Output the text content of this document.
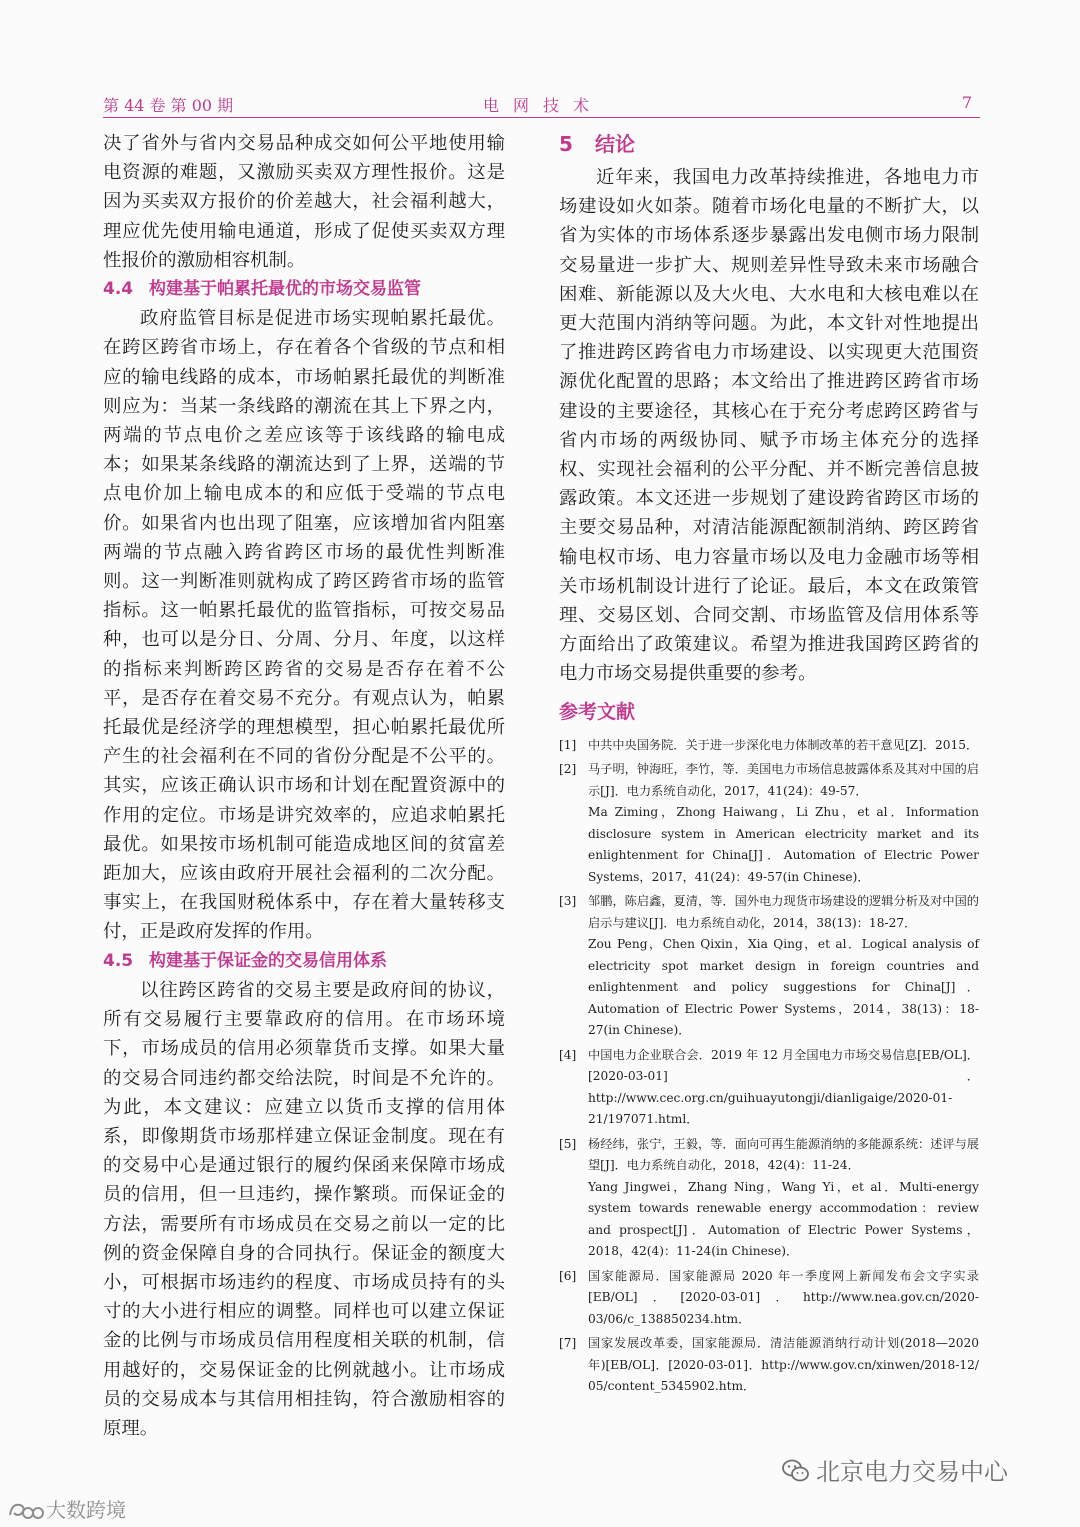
第 44 卷 第 00 期	电网技术	7

决了省外与省内交易品种成交如何公平地使用输电资源的难题，又激励买卖双方理性报价。这是因为买卖双方报价的价差越大，社会福利越大，理应优先使用输电通道，形成了促使买卖双方理性报价的激励相容机制。

4.4 构建基于帕累托最优的市场交易监管

政府监管目标是促进市场实现帕累托最优。在跨区跨省市场上，存在着各个省级的节点和相应的输电线路的成本，市场帕累托最优的判断准则应为：当某一条线路的潮流在其上下界之内，两端的节点电价之差应该等于该线路的输电成本；如果某条线路的潮流达到了上界，送端的节点电价加上输电成本的和应低于受端的节点电价。如果省内也出现了阻塞，应该增加省内阻塞两端的节点融入跨省跨区市场的最优性判断准则。这一判断准则就构成了跨区跨省市场的监管指标。这一帕累托最优的监管指标，可按交易品种，也可以是分日、分周、分月、年度，以这样的指标来判断跨区跨省的交易是否存在着不公平，是否存在着交易不充分。有观点认为，帕累托最优是经济学的理想模型，担心帕累托最优所产生的社会福利在不同的省份分配是不公平的。其实，应该正确认识市场和计划在配置资源中的作用的定位。市场是讲究效率的，应追求帕累托最优。如果按市场机制可能造成地区间的贫富差距加大，应该由政府开展社会福利的二次分配。事实上，在我国财税体系中，存在着大量转移支付，正是政府发挥的作用。

4.5 构建基于保证金的交易信用体系

以往跨区跨省的交易主要是政府间的协议，所有交易履行主要靠政府的信用。在市场环境下，市场成员的信用必须靠货币支撑。如果大量的交易合同违约都交给法院，时间是不允许的。为此，本文建议：应建立以货币支撑的信用体系，即像期货市场那样建立保证金制度。现在有的交易中心是通过银行的履约保函来保障市场成员的信用，但一旦违约，操作繁琐。而保证金的方法，需要所有市场成员在交易之前以一定的比例的资金保障自身的合同执行。保证金的额度大小，可根据市场违约的程度、市场成员持有的头寸的大小进行相应的调整。同样也可以建立保证金的比例与市场成员信用程度相关联的机制，信用越好的，交易保证金的比例就越小。让市场成员的交易成本与其信用相挂钩，符合激励相容的原理。

5 结论

近年来，我国电力改革持续推进，各地电力市场建设如火如荼。随着市场化电量的不断扩大，以省为实体的市场体系逐步暴露出发电侧市场力限制交易量进一步扩大、规则差异性导致未来市场融合困难、新能源以及大火电、大水电和大核电难以在更大范围内消纳等问题。为此，本文针对性地提出了推进跨区跨省电力市场建设、以实现更大范围资源优化配置的思路；本文给出了推进跨区跨省市场建设的主要途径，其核心在于充分考虑跨区跨省与省内市场的两级协同、赋予市场主体充分的选择权、实现社会福利的公平分配、并不断完善信息披露政策。本文还进一步规划了建设跨省跨区市场的主要交易品种，对清洁能源配额制消纳、跨区跨省输电权市场、电力容量市场以及电力金融市场等相关市场机制设计进行了论证。最后，本文在政策管理、交易区划、合同交割、市场监管及信用体系等方面给出了政策建议。希望为推进我国跨区跨省的电力市场交易提供重要的参考。

参考文献
[1] 中共中央国务院．关于进一步深化电力体制改革的若干意见[Z]．2015．
[2] 马子明，钟海旺，李竹，等．美国电力市场信息披露体系及其对中国的启示[J]．电力系统自动化，2017，41(24)：49-57．
Ma Ziming，Zhong Haiwang，Li Zhu，et al．Information disclosure system in American electricity market and its enlightenment for China[J]．Automation of Electric Power Systems，2017，41(24)：49-57(in Chinese)．
[3] 邹鹏，陈启鑫，夏清，等．国外电力现货市场建设的逻辑分析及对中国的启示与建议[J]．电力系统自动化，2014，38(13)：18-27．
Zou Peng，Chen Qixin，Xia Qing，et al．Logical analysis of electricity spot market design in foreign countries and enlightenment and policy suggestions for China[J]．Automation of Electric Power Systems，2014，38(13)：18-27(in Chinese)．
[4] 中国电力企业联合会．2019 年 12 月全国电力市场交易信息[EB/OL]．[2020-03-01]．http://www.cec.org.cn/guihuayutongji/dianligaige/2020-01-21/197071.html．
[5] 杨经纬，张宁，王毅，等．面向可再生能源消纳的多能源系统：述评与展望[J]．电力系统自动化，2018，42(4)：11-24．
Yang Jingwei，Zhang Ning，Wang Yi，et al．Multi-energy system towards renewable energy accommodation：review and prospect[J]．Automation of Electric Power Systems，2018，42(4)：11-24(in Chinese)．
[6] 国家能源局．国家能源局 2020 年一季度网上新闻发布会文字实录[EB/OL]．[2020-03-01]．http://www.nea.gov.cn/2020-03/06/c_138850234.htm．
[7] 国家发展改革委，国家能源局．清洁能源消纳行动计划(2018—2020 年)[EB/OL]．[2020-03-01]．http://www.gov.cn/xinwen/2018-12/ 05/content_5345902.htm．
北京电力交易中心
大数跨境
